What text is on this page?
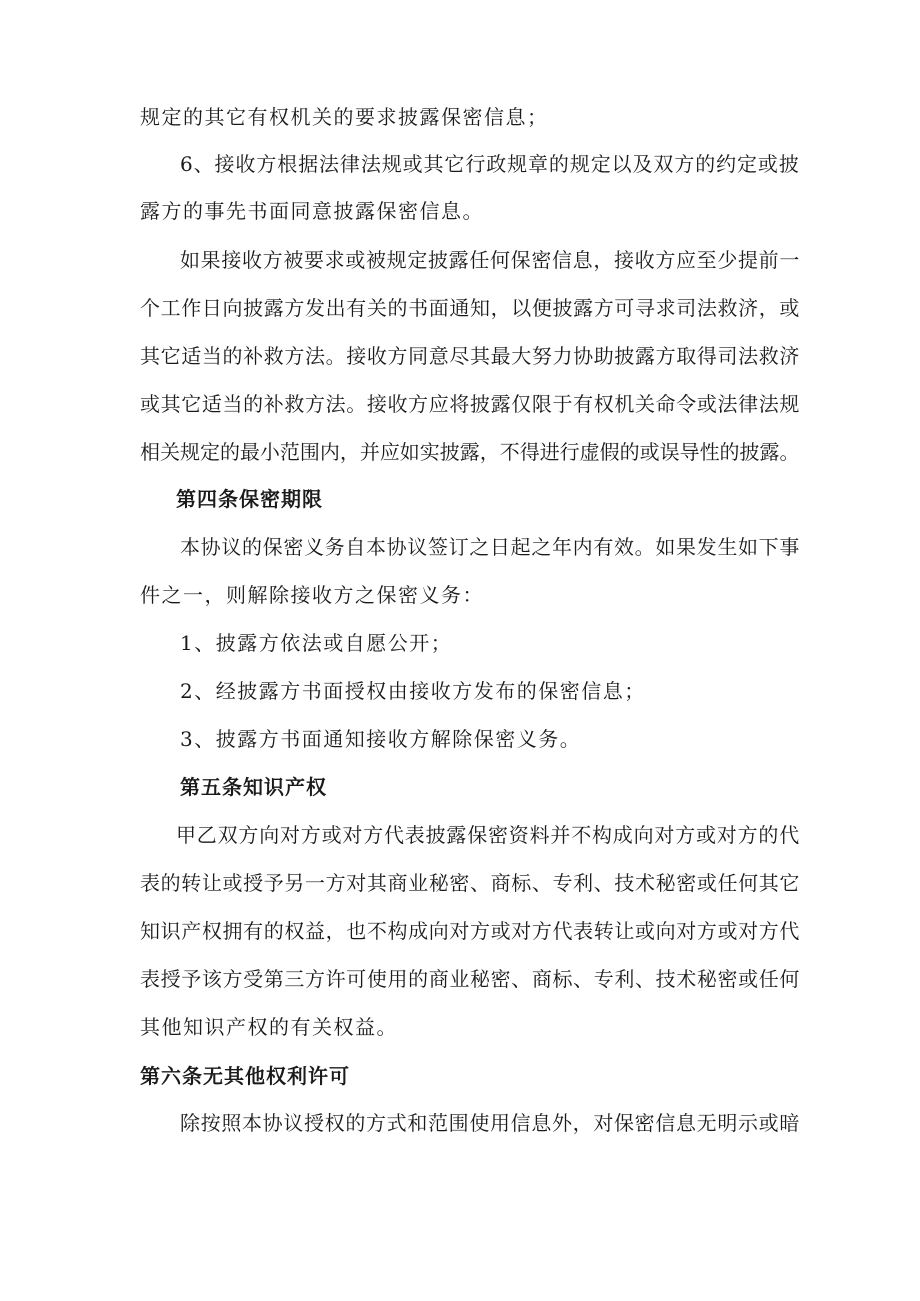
规定的其它有权机关的要求披露保密信息；
6、接收方根据法律法规或其它行政规章的规定以及双方的约定或披
露方的事先书面同意披露保密信息。
如果接收方被要求或被规定披露任何保密信息，接收方应至少提前一
个工作日向披露方发出有关的书面通知，以便披露方可寻求司法救济，或
其它适当的补救方法。接收方同意尽其最大努力协助披露方取得司法救济
或其它适当的补救方法。接收方应将披露仅限于有权机关命令或法律法规
相关规定的最小范围内，并应如实披露，不得进行虚假的或误导性的披露。
第四条保密期限
本协议的保密义务自本协议签订之日起之年内有效。如果发生如下事
件之一，则解除接收方之保密义务：
1、披露方依法或自愿公开；
2、经披露方书面授权由接收方发布的保密信息；
3、披露方书面通知接收方解除保密义务。
第五条知识产权
甲乙双方向对方或对方代表披露保密资料并不构成向对方或对方的代
表的转让或授予另一方对其商业秘密、商标、专利、技术秘密或任何其它
知识产权拥有的权益，也不构成向对方或对方代表转让或向对方或对方代
表授予该方受第三方许可使用的商业秘密、商标、专利、技术秘密或任何
其他知识产权的有关权益。
第六条无其他权利许可
除按照本协议授权的方式和范围使用信息外，对保密信息无明示或暗
